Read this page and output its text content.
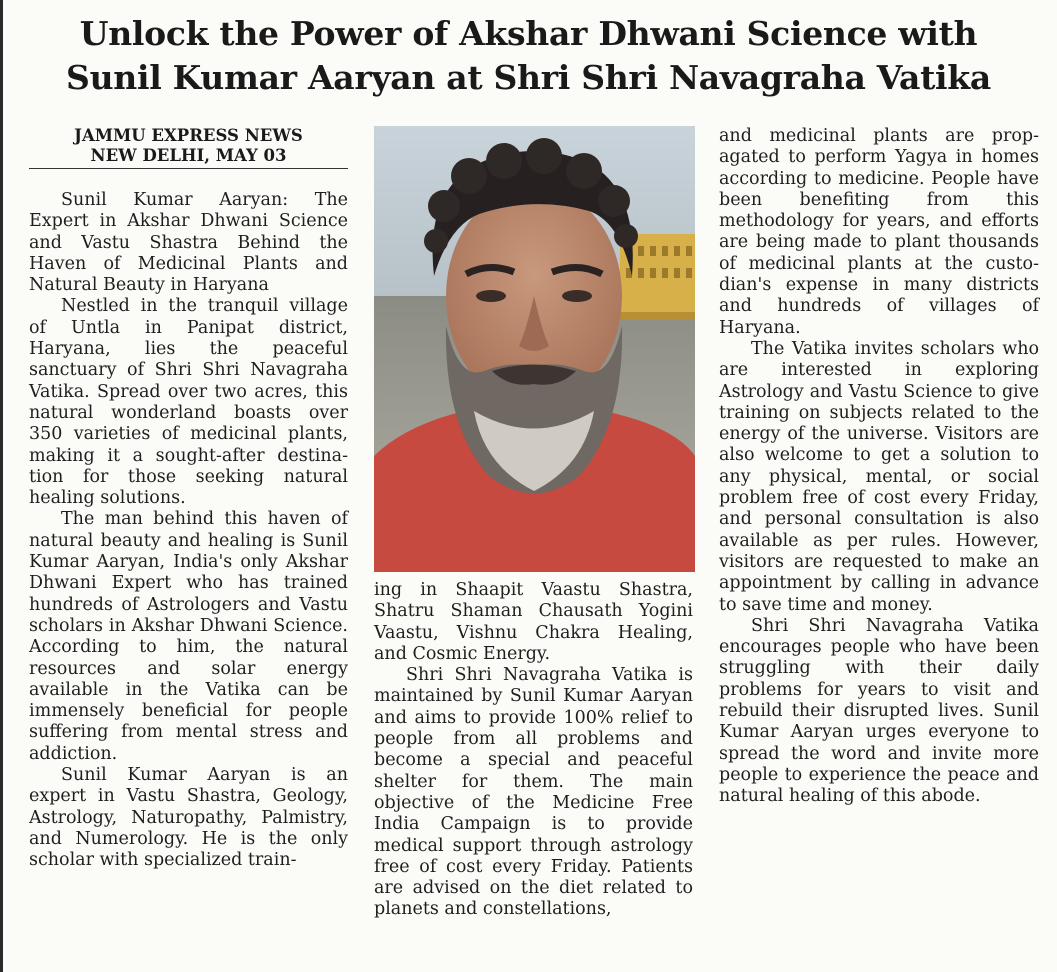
Unlock the Power of Akshar Dhwani Science with
Sunil Kumar Aaryan at Shri Shri Navagraha Vatika
JAMMU EXPRESS NEWS
NEW DELHI, MAY 03

Sunil Kumar Aaryan: The Expert in Akshar Dhwani Science and Vastu Shastra Behind the Haven of Medicinal Plants and Natural Beauty in Haryana

Nestled in the tranquil village of Untla in Panipat district, Haryana, lies the peaceful sanctuary of Shri Shri Navagraha Vatika. Spread over two acres, this natural wonderland boasts over 350 varieties of medicinal plants, making it a sought-after destination for those seeking natural healing solutions.

The man behind this haven of natural beauty and healing is Sunil Kumar Aaryan, India's only Akshar Dhwani Expert who has trained hundreds of Astrologers and Vastu scholars in Akshar Dhwani Science. According to him, the natural resources and solar energy available in the Vatika can be immensely beneficial for people suffering from mental stress and addiction.

Sunil Kumar Aaryan is an expert in Vastu Shastra, Geology, Astrology, Naturopathy, Palmistry, and Numerology. He is the only scholar with specialized train-

ing in Shaapit Vaastu Shastra, Shatru Shaman Chausath Yogini Vaastu, Vishnu Chakra Healing, and Cosmic Energy.

Shri Shri Navagraha Vatika is maintained by Sunil Kumar Aaryan and aims to provide 100% relief to people from all problems and become a special and peaceful shelter for them. The main objective of the Medicine Free India Campaign is to provide medical support through astrology free of cost every Friday. Patients are advised on the diet related to planets and constellations,

and medicinal plants are propagated to perform Yagya in homes according to medicine. People have been benefiting from this methodology for years, and efforts are being made to plant thousands of medicinal plants at the custodian's expense in many districts and hundreds of villages of Haryana.

The Vatika invites scholars who are interested in exploring Astrology and Vastu Science to give training on subjects related to the energy of the universe. Visitors are also welcome to get a solution to any physical, mental, or social problem free of cost every Friday, and personal consultation is also available as per rules. However, visitors are requested to make an appointment by calling in advance to save time and money.

Shri Shri Navagraha Vatika encourages people who have been struggling with their daily problems for years to visit and rebuild their disrupted lives. Sunil Kumar Aaryan urges everyone to spread the word and invite more people to experience the peace and natural healing of this abode.
